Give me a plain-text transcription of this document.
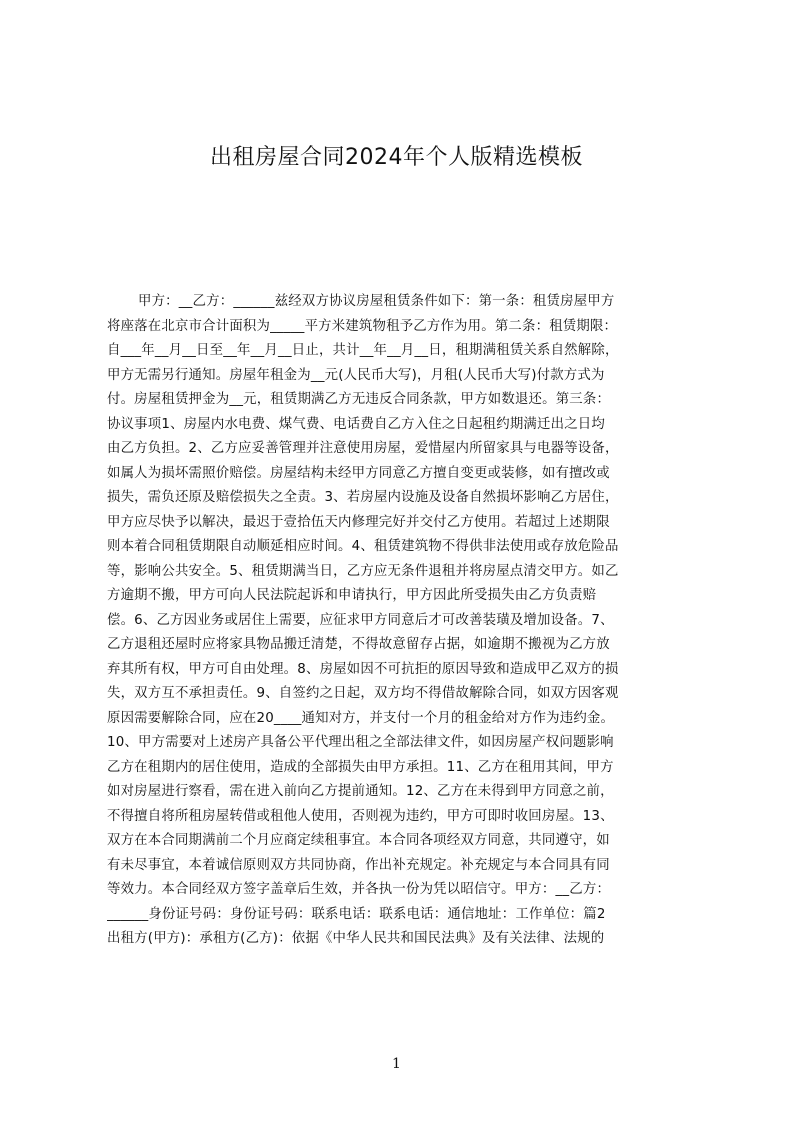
出租房屋合同2024年个人版精选模板
甲方：__乙方：______兹经双方协议房屋租赁条件如下：第一条：租赁房屋甲方
将座落在北京市合计面积为_____平方米建筑物租予乙方作为用。第二条：租赁期限：
自___年__月__日至__年__月__日止，共计__年__月__日，租期满租赁关系自然解除，
甲方无需另行通知。房屋年租金为__元(人民币大写)，月租(人民币大写)付款方式为
付。房屋租赁押金为__元，租赁期满乙方无违反合同条款，甲方如数退还。第三条：
协议事项1、房屋内水电费、煤气费、电话费自乙方入住之日起租约期满迁出之日均
由乙方负担。2、乙方应妥善管理并注意使用房屋，爱惜屋内所留家具与电器等设备，
如属人为损坏需照价赔偿。房屋结构未经甲方同意乙方擅自变更或装修，如有擅改或
损失，需负还原及赔偿损失之全责。3、若房屋内设施及设备自然损坏影响乙方居住，
甲方应尽快予以解决，最迟于壹拾伍天内修理完好并交付乙方使用。若超过上述期限
则本着合同租赁期限自动顺延相应时间。4、租赁建筑物不得供非法使用或存放危险品
等，影响公共安全。5、租赁期满当日，乙方应无条件退租并将房屋点清交甲方。如乙
方逾期不搬，甲方可向人民法院起诉和申请执行，甲方因此所受损失由乙方负责赔
偿。6、乙方因业务或居住上需要，应征求甲方同意后才可改善装璜及增加设备。7、
乙方退租还屋时应将家具物品搬迁清楚，不得故意留存占据，如逾期不搬视为乙方放
弃其所有权，甲方可自由处理。8、房屋如因不可抗拒的原因导致和造成甲乙双方的损
失，双方互不承担责任。9、自签约之日起，双方均不得借故解除合同，如双方因客观
原因需要解除合同，应在20____通知对方，并支付一个月的租金给对方作为违约金。
10、甲方需要对上述房产具备公平代理出租之全部法律文件，如因房屋产权问题影响
乙方在租期内的居住使用，造成的全部损失由甲方承担。11、乙方在租用其间，甲方
如对房屋进行察看，需在进入前向乙方提前通知。12、乙方在未得到甲方同意之前，
不得擅自将所租房屋转借或租他人使用，否则视为违约，甲方可即时收回房屋。13、
双方在本合同期满前二个月应商定续租事宜。本合同各项经双方同意，共同遵守，如
有未尽事宜，本着诚信原则双方共同协商，作出补充规定。补充规定与本合同具有同
等效力。本合同经双方签字盖章后生效，并各执一份为凭以昭信守。甲方：__乙方：
______身份证号码：身份证号码：联系电话：联系电话：通信地址：工作单位：篇2
出租方(甲方)：承租方(乙方)：依据《中华人民共和国民法典》及有关法律、法规的
1
